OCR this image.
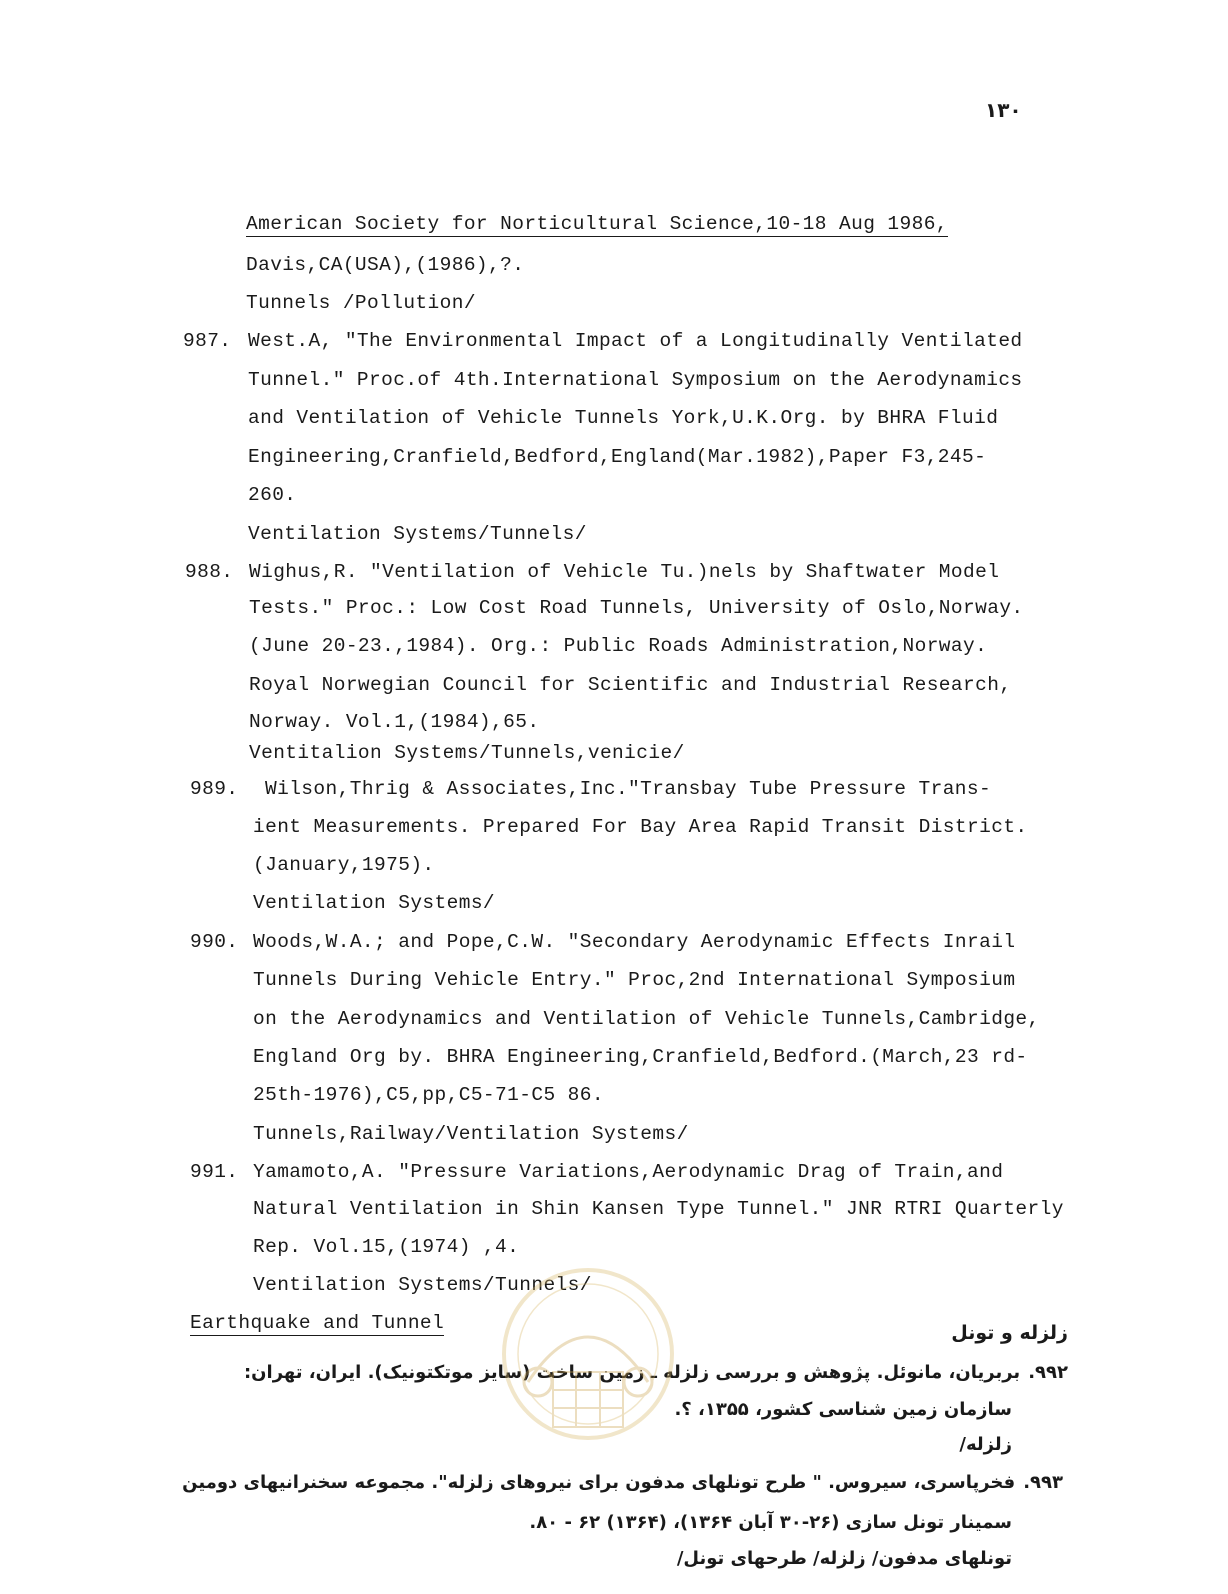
۱۳۰
American Society for Norticultural Science,10-18 Aug 1986,
Davis,CA(USA),(1986),?.
Tunnels /Pollution/
987. West.A, "The Environmental Impact of a Longitudinally Ventilated
Tunnel." Proc.of 4th.International Symposium on the Aerodynamics
and Ventilation of Vehicle Tunnels York,U.K.Org. by BHRA Fluid
Engineering,Cranfield,Bedford,England(Mar.1982),Paper F3,245-
260.
Ventilation Systems/Tunnels/
988. Wighus,R. "Ventilation of Vehicle Tu.)nels by Shaftwater Model
Tests." Proc.: Low Cost Road Tunnels, University of Oslo,Norway.
(June 20-23.,1984). Org.: Public Roads Administration,Norway.
Royal Norwegian Council for Scientific and Industrial Research,
Norway. Vol.1,(1984),65.
Ventitalion Systems/Tunnels,venicie/
989. Wilson,Thrig & Associates,Inc."Transbay Tube Pressure Trans-
ient Measurements. Prepared For Bay Area Rapid Transit District.
(January,1975).
Ventilation Systems/
990. Woods,W.A.; and Pope,C.W. "Secondary Aerodynamic Effects Inrail
Tunnels During Vehicle Entry." Proc,2nd International Symposium
on the Aerodynamics and Ventilation of Vehicle Tunnels,Cambridge,
England Org by. BHRA Engineering,Cranfield,Bedford.(March,23 rd-
25th-1976),C5,pp,C5-71-C5 86.
Tunnels,Railway/Ventilation Systems/
991. Yamamoto,A. "Pressure Variations,Aerodynamic Drag of Train,and
Natural Ventilation in Shin Kansen Type Tunnel." JNR RTRI Quarterly
Rep. Vol.15,(1974) ,4.
Ventilation Systems/Tunnels/
Earthquake and Tunnel	زلزله و تونل
۹۹۲.بربریان، مانوئل. پژوهش و بررسی زلزله ـ زمین ساخت (سایز موتکتونیک). ایران، تهران:
سازمان زمین شناسی کشور، ۱۳۵۵، ؟.
زلزله/
۹۹۳.فخرپاسری، سیروس. " طرح تونلهای مدفون برای نیروهای زلزله". مجموعه سخنرانیهای دومین
سمینار تونل سازی (۲۶-۳۰ آبان ۱۳۶۴)، (۱۳۶۴) ۶۲ - ۸۰.
تونلهای مدفون/ زلزله/ طرحهای تونل/
